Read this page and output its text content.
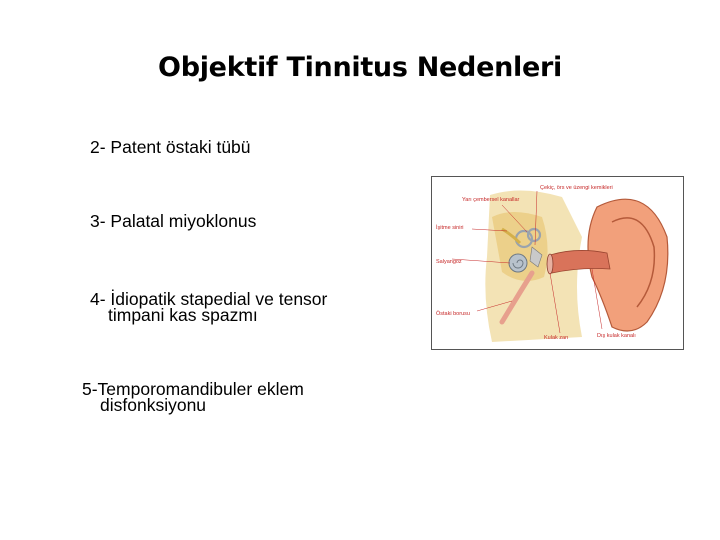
Objektif Tinnitus Nedenleri
2- Patent östaki tübü
3- Palatal miyoklonus
4- İdiopatik stapedial ve tensor
timpani kas spazmı
5-Temporomandibuler eklem
disfonksiyonu
Çekiç, örs ve üzengi kemikleri
Yarı çembersel kanallar
İşitme siniri
Salyangoz
Östaki borusu
Kulak zarı	Dış kulak kanalı
